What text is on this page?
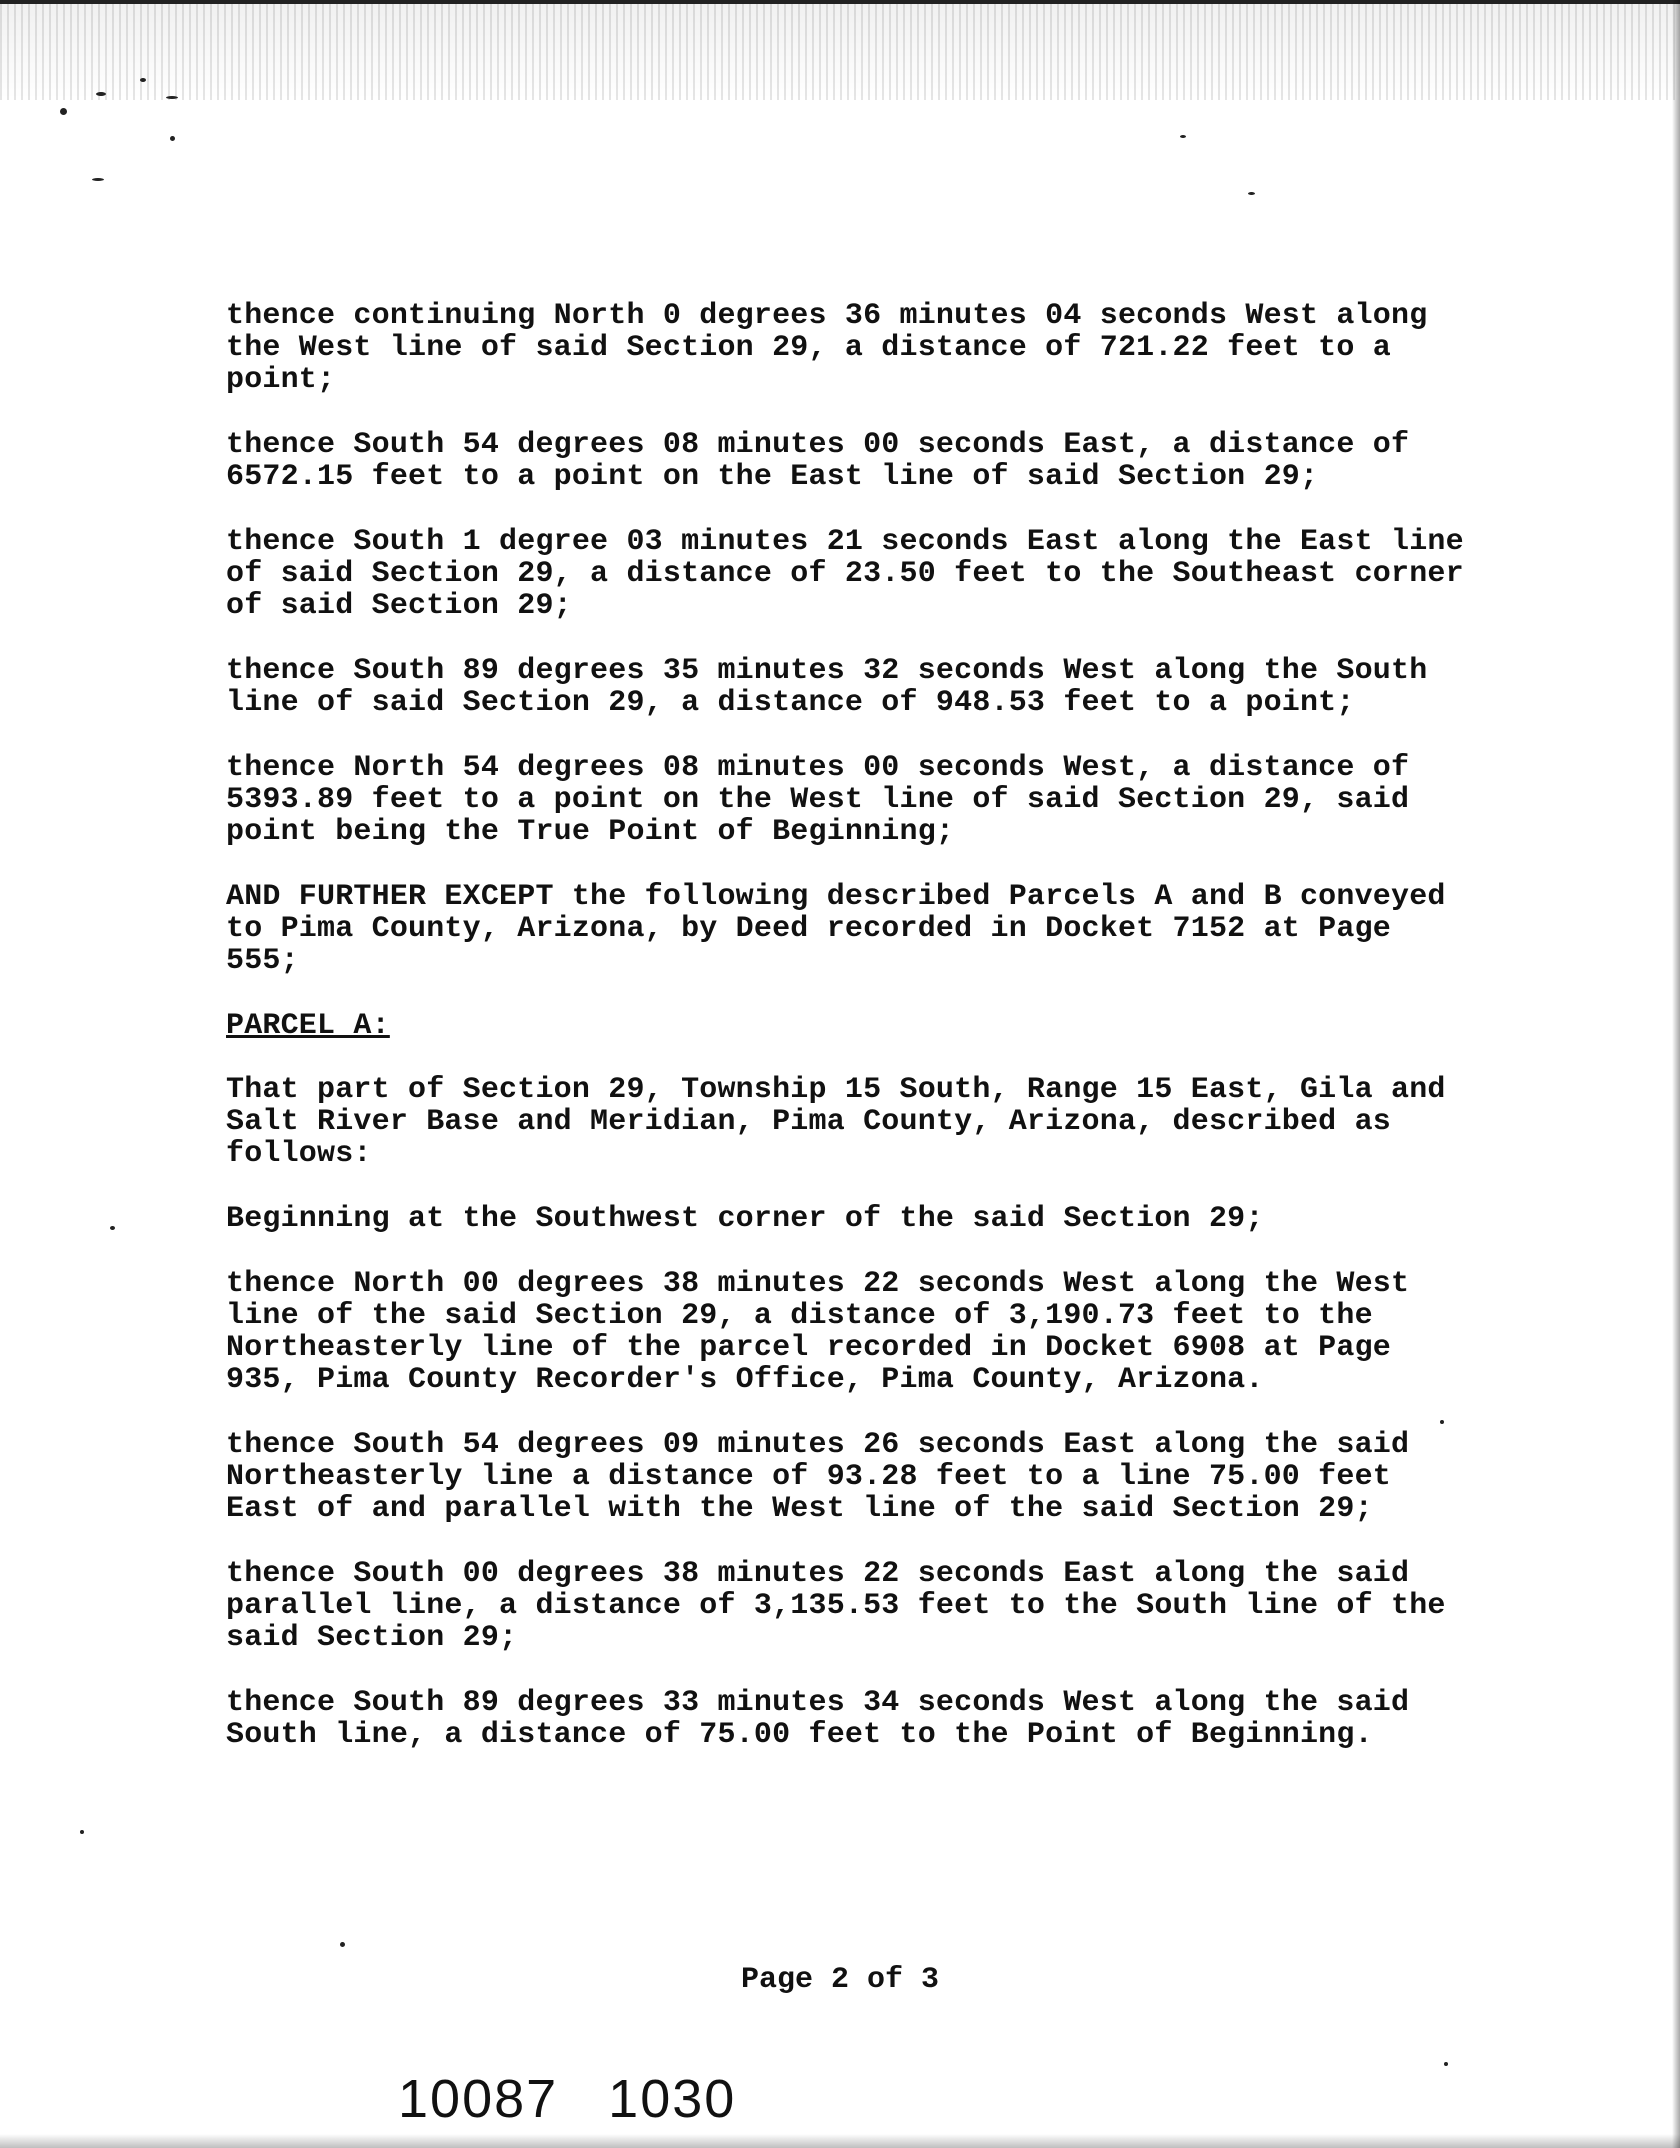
thence continuing North 0 degrees 36 minutes 04 seconds West along the West line of said Section 29, a distance of 721.22 feet to a point;

thence South 54 degrees 08 minutes 00 seconds East, a distance of 6572.15 feet to a point on the East line of said Section 29;

thence South 1 degree 03 minutes 21 seconds East along the East line of said Section 29, a distance of 23.50 feet to the Southeast corner of said Section 29;

thence South 89 degrees 35 minutes 32 seconds West along the South line of said Section 29, a distance of 948.53 feet to a point;

thence North 54 degrees 08 minutes 00 seconds West, a distance of 5393.89 feet to a point on the West line of said Section 29, said point being the True Point of Beginning;

AND FURTHER EXCEPT the following described Parcels A and B conveyed to Pima County, Arizona, by Deed recorded in Docket 7152 at Page 555;

PARCEL A:

That part of Section 29, Township 15 South, Range 15 East, Gila and Salt River Base and Meridian, Pima County, Arizona, described as follows:

Beginning at the Southwest corner of the said Section 29;

thence North 00 degrees 38 minutes 22 seconds West along the West line of the said Section 29, a distance of 3,190.73 feet to the Northeasterly line of the parcel recorded in Docket 6908 at Page 935, Pima County Recorder's Office, Pima County, Arizona.

thence South 54 degrees 09 minutes 26 seconds East along the said Northeasterly line a distance of 93.28 feet to a line 75.00 feet East of and parallel with the West line of the said Section 29;

thence South 00 degrees 38 minutes 22 seconds East along the said parallel line, a distance of 3,135.53 feet to the South line of the said Section 29;

thence South 89 degrees 33 minutes 34 seconds West along the said South line, a distance of 75.00 feet to the Point of Beginning.

Page 2 of 3
10087 1030
